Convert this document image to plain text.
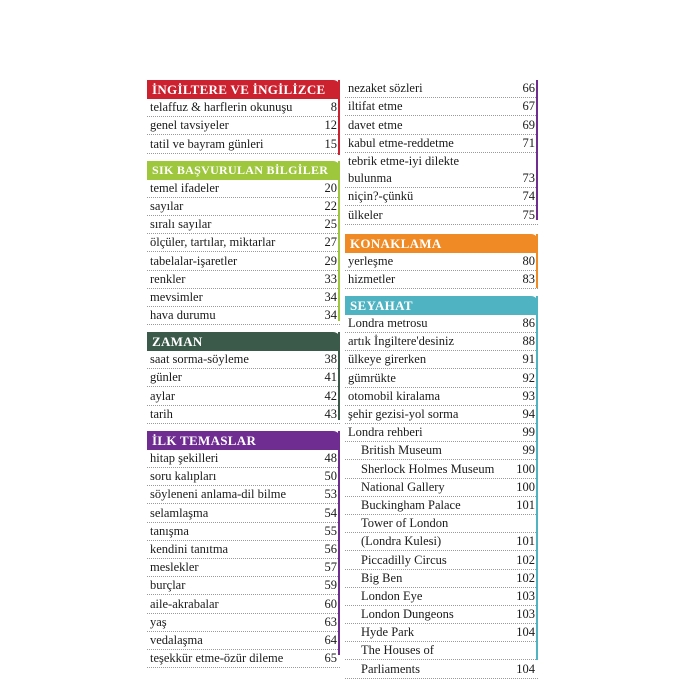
İNGİLTERE VE İNGİLİZCE
telaffuz & harflerin okunuşu	8
genel tavsiyeler	12
tatil ve bayram günleri	15
SIK BAŞVURULAN BİLGİLER
temel ifadeler	20
sayılar	22
sıralı sayılar	25
ölçüler, tartılar, miktarlar	27
tabelalar-işaretler	29
renkler	33
mevsimler	34
hava durumu	34
ZAMAN
saat sorma-söyleme	38
günler	41
aylar	42
tarih	43
İLK TEMASLAR
hitap şekilleri	48
soru kalıpları	50
söyleneni anlama-dil bilme	53
selamlaşma	54
tanışma	55
kendini tanıtma	56
meslekler	57
burçlar	59
aile-akrabalar	60
yaş	63
vedalaşma	64
teşekkür etme-özür dileme	65
nezaket sözleri	66
iltifat etme	67
davet etme	69
kabul etme-reddetme	71
tebrik etme-iyi dilekte
bulunma	73
niçin?-çünkü	74
ülkeler	75
KONAKLAMA
yerleşme	80
hizmetler	83
SEYAHAT
Londra metrosu	86
artık İngiltere'desiniz	88
ülkeye girerken	91
gümrükte	92
otomobil kiralama	93
şehir gezisi-yol sorma	94
Londra rehberi	99
British Museum	99
Sherlock Holmes Museum	100
National Gallery	100
Buckingham Palace	101
Tower of London
(Londra Kulesi)	101
Piccadilly Circus	102
Big Ben	102
London Eye	103
London Dungeons	103
Hyde Park	104
The Houses of
Parliaments	104
